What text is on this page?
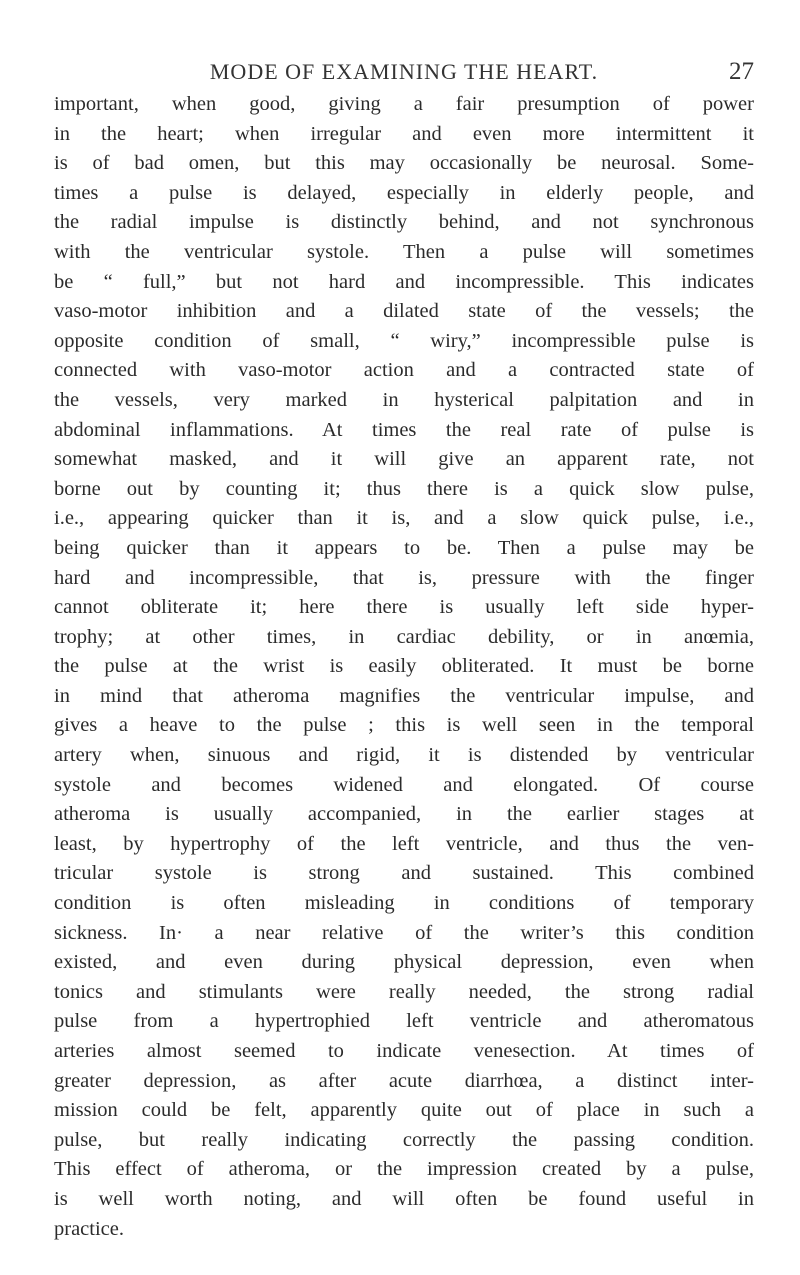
MODE OF EXAMINING THE HEART.	27
important, when good, giving a fair presumption of power
in the heart; when irregular and even more intermittent it
is of bad omen, but this may occasionally be neurosal. Some-
times a pulse is delayed, especially in elderly people, and
the radial impulse is distinctly behind, and not synchronous
with the ventricular systole. Then a pulse will sometimes
be “ full,” but not hard and incompressible. This indicates
vaso-motor inhibition and a dilated state of the vessels; the
opposite condition of small, “ wiry,” incompressible pulse is
connected with vaso-motor action and a contracted state of
the vessels, very marked in hysterical palpitation and in
abdominal inflammations. At times the real rate of pulse is
somewhat masked, and it will give an apparent rate, not
borne out by counting it; thus there is a quick slow pulse,
i.e., appearing quicker than it is, and a slow quick pulse, i.e.,
being quicker than it appears to be. Then a pulse may be
hard and incompressible, that is, pressure with the finger
cannot obliterate it; here there is usually left side hyper-
trophy; at other times, in cardiac debility, or in anœmia,
the pulse at the wrist is easily obliterated. It must be borne
in mind that atheroma magnifies the ventricular impulse, and
gives a heave to the pulse ; this is well seen in the temporal
artery when, sinuous and rigid, it is distended by ventricular
systole and becomes widened and elongated. Of course
atheroma is usually accompanied, in the earlier stages at
least, by hypertrophy of the left ventricle, and thus the ven-
tricular systole is strong and sustained. This combined
condition is often misleading in conditions of temporary
sickness. In· a near relative of the writer’s this condition
existed, and even during physical depression, even when
tonics and stimulants were really needed, the strong radial
pulse from a hypertrophied left ventricle and atheromatous
arteries almost seemed to indicate venesection. At times of
greater depression, as after acute diarrhœa, a distinct inter-
mission could be felt, apparently quite out of place in such a
pulse, but really indicating correctly the passing condition.
This effect of atheroma, or the impression created by a pulse,
is well worth noting, and will often be found useful in
practice.
